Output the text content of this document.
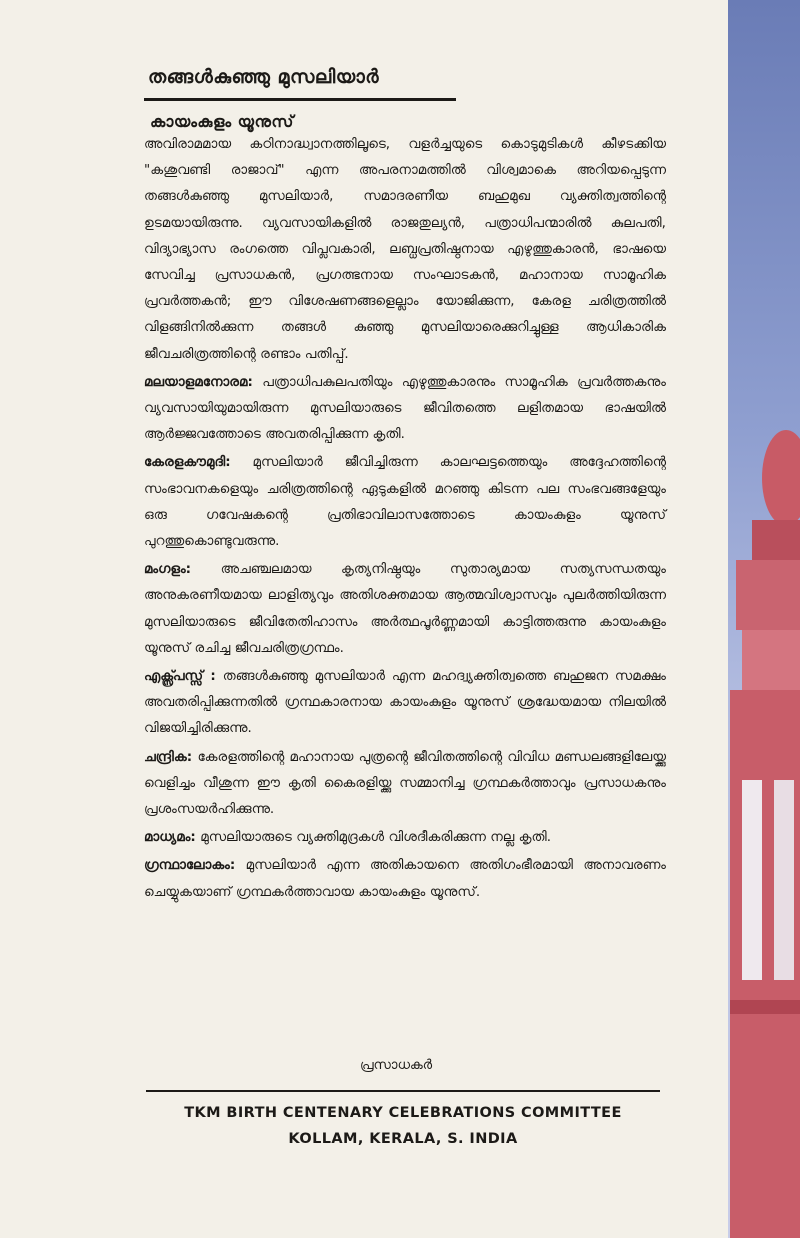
തങ്ങൾകുഞ്ഞു മുസലിയാർ
കായംകുളം യൂനുസ്

അവിരാമമായ കഠിനാദ്ധ്വാനത്തിലൂടെ, വളർച്ചയുടെ കൊടുമുടികൾ കീഴടക്കിയ "കശുവണ്ടി രാജാവ്" എന്ന അപരനാമത്തിൽ വിശ്വമാകെ അറിയപ്പെടുന്ന തങ്ങൾകുഞ്ഞു മുസലിയാർ, സമാദരണീയ ബഹുമുഖ വ്യക്തിത്വത്തിന്റെ ഉടമയായിരുന്നു. വ്യവസായികളിൽ രാജതുല്യൻ, പത്രാധിപന്മാരിൽ കുലപതി, വിദ്യാഭ്യാസ രംഗത്തെ വിപ്ലവകാരി, ലബ്ധപ്രതിഷ്ഠനായ എഴുത്തുകാരൻ, ഭാഷയെ സേവിച്ച പ്രസാധകൻ, പ്രഗത്ഭനായ സംഘാടകൻ, മഹാനായ സാമൂഹിക പ്രവർത്തകൻ; ഈ വിശേഷണങ്ങളെല്ലാം യോജിക്കുന്ന, കേരള ചരിത്രത്തിൽ വിളങ്ങിനിൽക്കുന്ന തങ്ങൾ കുഞ്ഞു മുസലിയാരെക്കുറിച്ചുള്ള ആധികാരിക ജീവചരിത്രത്തിന്റെ രണ്ടാം പതിപ്പ്.

മലയാളമനോരമ: പത്രാധിപകുലപതിയും എഴുത്തുകാരനും സാമൂഹിക പ്രവർത്തകനും വ്യവസായിയുമായിരുന്ന മുസലിയാരുടെ ജീവിതത്തെ ലളിതമായ ഭാഷയിൽ ആർജ്ജവത്തോടെ അവതരിപ്പിക്കുന്ന കൃതി.

കേരളകൗമുദി: മുസലിയാർ ജീവിച്ചിരുന്ന കാലഘട്ടത്തെയും അദ്ദേഹത്തിന്റെ സംഭാവനകളെയും ചരിത്രത്തിന്റെ ഏടുകളിൽ മറഞ്ഞു കിടന്ന പല സംഭവങ്ങളേയും ഒരു ഗവേഷകന്റെ പ്രതിഭാവിലാസത്തോടെ കായംകുളം യൂനുസ് പുറത്തുകൊണ്ടുവരുന്നു.

മംഗളം: അചഞ്ചലമായ കൃത്യനിഷ്ഠയും സുതാര്യമായ സത്യസന്ധതയും അനുകരണീയമായ ലാളിത്യവും അതിശക്തമായ ആത്മവിശ്വാസവും പുലർത്തിയിരുന്ന മുസലിയാരുടെ ജീവിതേതിഹാസം അർത്ഥപൂർണ്ണമായി കാട്ടിത്തരുന്നു കായംകുളം യൂനുസ് രചിച്ച ജീവചരിത്രഗ്രന്ഥം.

എക്സ്പ്രസ്സ് : തങ്ങൾകുഞ്ഞു മുസലിയാർ എന്ന മഹദ്വ്യക്തിത്വത്തെ ബഹുജന സമക്ഷം അവതരിപ്പിക്കുന്നതിൽ ഗ്രന്ഥകാരനായ കായംകുളം യൂനുസ് ശ്രദ്ധേയമായ നിലയിൽ വിജയിച്ചിരിക്കുന്നു.

ചന്ദ്രിക: കേരളത്തിന്റെ മഹാനായ പുത്രന്റെ ജീവിതത്തിന്റെ വിവിധ മണ്ഡലങ്ങളിലേയ്ക്കു വെളിച്ചം വീശുന്ന ഈ കൃതി കൈരളിയ്ക്കു സമ്മാനിച്ച ഗ്രന്ഥകർത്താവും പ്രസാധകനും പ്രശംസയർഹിക്കുന്നു.

മാധ്യമം: മുസലിയാരുടെ വ്യക്തിമുദ്രകൾ വിശദീകരിക്കുന്ന നല്ല കൃതി.

ഗ്രന്ഥാലോകം: മുസലിയാർ എന്ന അതികായനെ അതിഗംഭീരമായി അനാവരണം ചെയ്യുകയാണ് ഗ്രന്ഥകർത്താവായ കായംകുളം യൂനുസ്.

പ്രസാധകർ
TKM BIRTH CENTENARY CELEBRATIONS COMMITTEE
KOLLAM, KERALA, S. INDIA
